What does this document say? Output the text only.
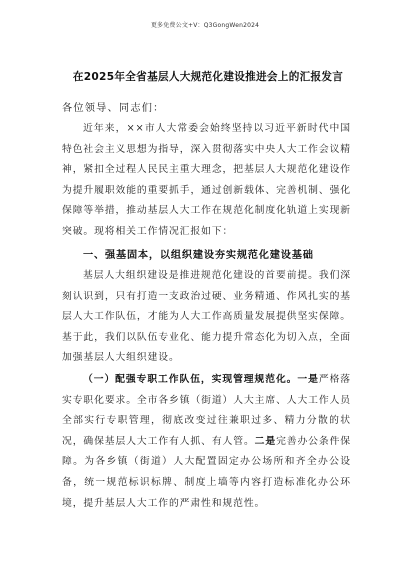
更多免费公文+V：Q3GongWen2024
在2025年全省基层人大规范化建设推进会上的汇报发言
各位领导、同志们：

近年来，××市人大常委会始终坚持以习近平新时代中国特色社会主义思想为指导，深入贯彻落实中央人大工作会议精神，紧扣全过程人民民主重大理念，把基层人大规范化建设作为提升履职效能的重要抓手，通过创新载体、完善机制、强化保障等举措，推动基层人大工作在规范化制度化轨道上实现新突破。现将相关工作情况汇报如下：

一、强基固本，以组织建设夯实规范化建设基础

基层人大组织建设是推进规范化建设的首要前提。我们深刻认识到，只有打造一支政治过硬、业务精通、作风扎实的基层人大工作队伍，才能为人大工作高质量发展提供坚实保障。基于此，我们以队伍专业化、能力提升常态化为切入点，全面加强基层人大组织建设。

（一）配强专职工作队伍，实现管理规范化。一是严格落实专职化要求。全市各乡镇（街道）人大主席、人大工作人员全部实行专职管理，彻底改变过往兼职过多、精力分散的状况，确保基层人大工作有人抓、有人管。二是完善办公条件保障。为各乡镇（街道）人大配置固定办公场所和齐全办公设备，统一规范标识标牌、制度上墙等内容打造标准化办公环境，提升基层人大工作的严肃性和规范性。
